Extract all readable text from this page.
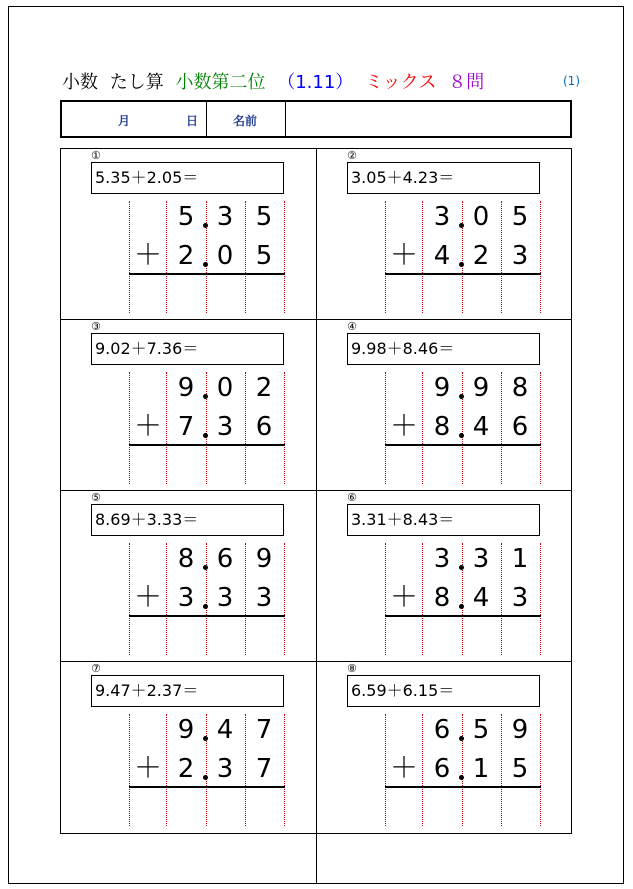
小数 たし算 小数第二位 （1.11） ミックス ８問	(1)
月	日	名前
①
5.35＋2.05＝
5 3 5
2 0 5
＋
②
3.05＋4.23＝
3 0 5
4 2 3
＋
③
9.02＋7.36＝
9 0 2
7 3 6
＋
④
9.98＋8.46＝
9 9 8
8 4 6
＋
⑤
8.69＋3.33＝
8 6 9
3 3 3
＋
⑥
3.31＋8.43＝
3 3 1
8 4 3
＋
⑦
9.47＋2.37＝
9 4 7
2 3 7
＋
⑧
6.59＋6.15＝
6 5 9
6 1 5
＋
